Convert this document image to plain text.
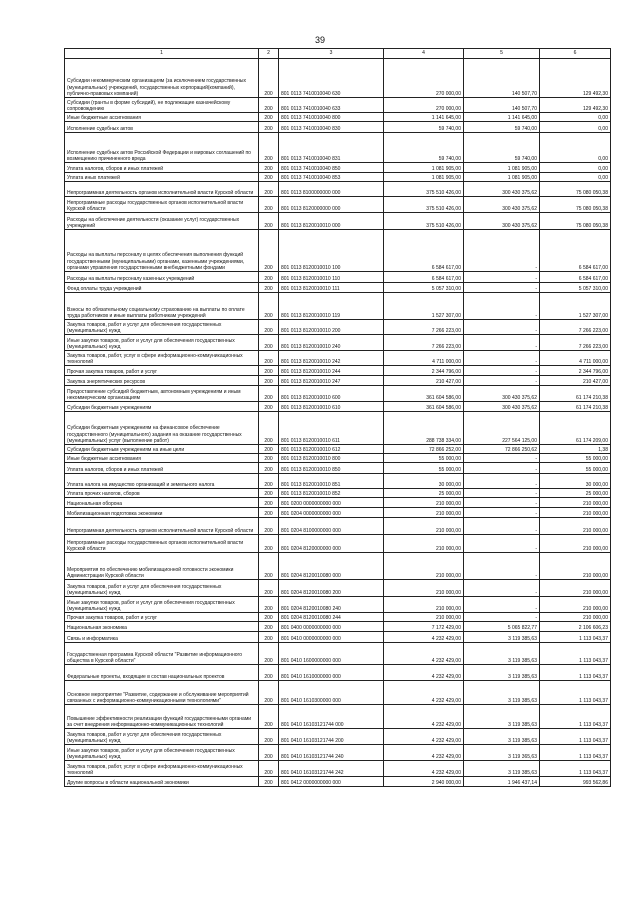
39
1	2	3	4	5	6
Субсидии некоммерческим организациям (за исключением государственных (муниципальных) учреждений, государственных корпораций(компаний), публично-правовых компаний)	200	801 0113 7410010040 630	270 000,00	140 507,70	129 492,30
Субсидии (гранты в форме субсидий), не подлежащие казначейскому сопровождению	200	801 0113 7410010040 633	270 000,00	140 507,70	129 492,30
Иные бюджетные ассигнования	200	801 0113 7410010040 800	1 141 645,00	1 141 645,00	0,00
Исполнение судебных актов	200	801 0113 7410010040 830	59 740,00	59 740,00	0,00
Исполнение судебных актов Российской Федерации и мировых соглашений по возмещению причиненного вреда	200	801 0113 7410010040 831	59 740,00	59 740,00	0,00
Уплата налогов, сборов и иных платежей	200	801 0113 7410010040 850	1 081 905,00	1 081 905,00	0,00
Уплата иных платежей	200	801 0113 7410010040 853	1 081 905,00	1 081 905,00	0,00
Непрограммная деятельность органов исполнительной власти Курской области	200	801 0113 8100000000 000	375 510 426,00	300 430 375,62	75 080 050,38
Непрограммные расходы государственных органов исполнительной власти Курской области	200	801 0113 8120000000 000	375 510 426,00	300 430 375,62	75 080 050,38
Расходы на обеспечение деятельности (оказание услуг) государственных учреждений	200	801 0113 8120010010 000	375 510 426,00	300 430 375,62	75 080 050,38
Расходы на выплаты персоналу в целях обеспечения выполнения функций государственными (муниципальными) органами, казенными учреждениями, органами управления государственными внебюджетными фондами	200	801 0113 8120010010 100	6 584 617,00	-	6 584 617,00
Расходы на выплаты персоналу казенных учреждений	200	801 0113 8120010010 110	6 584 617,00	-	6 584 617,00
Фонд оплаты труда учреждений	200	801 0113 8120010010 111	5 057 310,00	-	5 057 310,00
Взносы по обязательному социальному страхованию на выплаты по оплате труда работников и иные выплаты работникам учреждений	200	801 0113 8120010010 119	1 527 307,00	-	1 527 307,00
Закупка товаров, работ и услуг для обеспечения государственных (муниципальных) нужд	200	801 0113 8120010010 200	7 266 223,00	-	7 266 223,00
Иные закупки товаров, работ и услуг для обеспечения государственных (муниципальных) нужд	200	801 0113 8120010010 240	7 266 223,00	-	7 266 223,00
Закупка товаров, работ, услуг в сфере информационно-коммуникационных технологий	200	801 0113 8120010010 242	4 711 000,00	-	4 711 000,00
Прочая закупка товаров, работ и услуг	200	801 0113 8120010010 244	2 344 796,00	-	2 344 796,00
Закупка энергетических ресурсов	200	801 0113 8120010010 247	210 427,00	-	210 427,00
Предоставление субсидий бюджетным, автономным учреждениям и иным некоммерческим организациям	200	801 0113 8120010010 600	361 604 586,00	300 430 375,62	61 174 210,38
Субсидии бюджетным учреждениям	200	801 0113 8120010010 610	361 604 586,00	300 430 375,62	61 174 210,38
Субсидии бюджетным учреждениям на финансовое обеспечение государственного (муниципального) задания на оказание государственных (муниципальных) услуг (выполнение работ)	200	801 0113 8120010010 611	288 738 334,00	227 564 125,00	61 174 209,00
Субсидии бюджетным учреждениям на иные цели	200	801 0113 8120010010 612	72 866 252,00	72 866 250,62	1,38
Иные бюджетные ассигнования	200	801 0113 8120010010 800	55 000,00	-	55 000,00
Уплата налогов, сборов и иных платежей	200	801 0113 8120010010 850	55 000,00	-	55 000,00
Уплата налога на имущество организаций и земельного налога	200	801 0113 8120010010 851	30 000,00	-	30 000,00
Уплата прочих налогов, сборов	200	801 0113 8120010010 852	25 000,00	-	25 000,00
Национальная оборона	200	801 0200 0000000000 000	210 000,00	-	210 000,00
Мобилизационная подготовка экономики	200	801 0204 0000000000 000	210 000,00	-	210 000,00
Непрограммная деятельность органов исполнительной власти Курской области	200	801 0204 8100000000 000	210 000,00	-	210 000,00
Непрограммные расходы государственных органов исполнительной власти Курской области	200	801 0204 8120000000 000	210 000,00	-	210 000,00
Мероприятия по обеспечению мобилизационной готовности экономики Администрации Курской области	200	801 0204 8120010080 000	210 000,00	-	210 000,00
Закупка товаров, работ и услуг для обеспечения государственных (муниципальных) нужд	200	801 0204 8120010080 200	210 000,00	-	210 000,00
Иные закупки товаров, работ и услуг для обеспечения государственных (муниципальных) нужд	200	801 0204 8120010080 240	210 000,00	-	210 000,00
Прочая закупка товаров, работ и услуг	200	801 0204 8120010080 244	210 000,00	-	210 000,00
Национальная экономика	200	801 0400 0000000000 000	7 172 429,00	5 065 822,77	2 106 606,23
Связь и информатика	200	801 0410 0000000000 000	4 232 429,00	3 119 385,63	1 113 043,37
Государственная программа Курской области "Развитие информационного общества в Курской области"	200	801 0410 1600000000 000	4 232 429,00	3 119 385,63	1 113 043,37
Федеральные проекты, входящие в состав национальных проектов	200	801 0410 1610000000 000	4 232 429,00	3 119 385,63	1 113 043,37
Основное мероприятие "Развитие, содержание и обслуживание мероприятий связанных с информационно-коммуникационными технологиями"	200	801 0410 1610300000 000	4 232 429,00	3 119 385,63	1 113 043,37
Повышение эффективности реализации функций государственными органами за счет внедрения информационно-коммуникационных технологий	200	801 0410 16103121744 000	4 232 429,00	3 119 385,63	1 113 043,37
Закупка товаров, работ и услуг для обеспечения государственных (муниципальных) нужд	200	801 0410 16103121744 200	4 232 429,00	3 119 385,63	1 113 043,37
Иные закупки товаров, работ и услуг для обеспечения государственных (муниципальных) нужд	200	801 0410 16103121744 240	4 232 429,00	3 119 365,63	1 113 043,37
Закупка товаров, работ, услуг в сфере информационно-коммуникационных технологий	200	801 0410 16103121744 242	4 232 429,00	3 119 385,63	1 113 043,37
Другие вопросы в области национальной экономики	200	801 0412 0000000000 000	2 940 000,00	1 946 437,14	993 562,86
